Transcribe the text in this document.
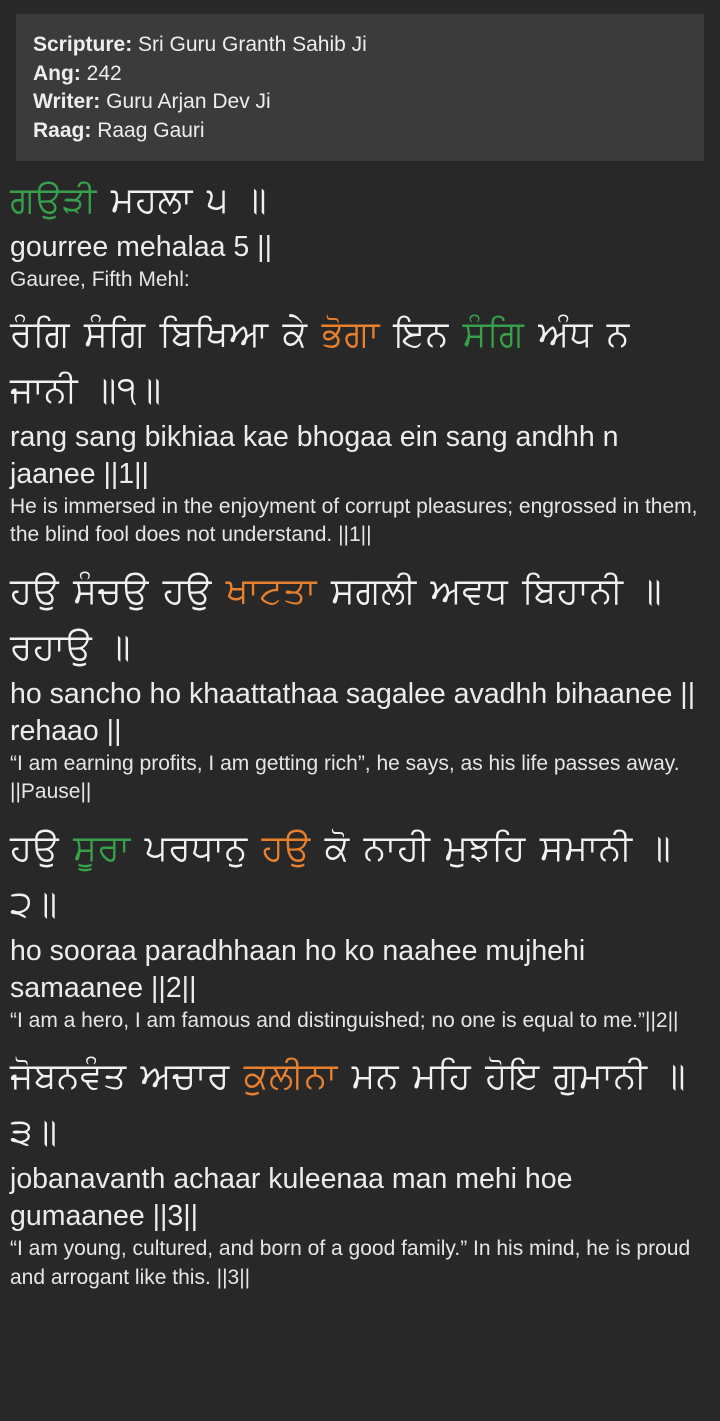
Scripture: Sri Guru Granth Sahib Ji
Ang: 242
Writer: Guru Arjan Dev Ji
Raag: Raag Gauri
ਗਉੜੀ ਮਹਲਾ ੫ ॥
gourree mehalaa 5 ||
Gauree, Fifth Mehl:
ਰੰਗਿ ਸੰਗਿ ਬਿਖਿਆ ਕੇ ਭੋਗਾ ਇਨ ਸੰਗਿ ਅੰਧ ਨ ਜਾਨੀ ॥੧॥
rang sang bikhiaa kae bhogaa ein sang andhh n jaanee ||1||
He is immersed in the enjoyment of corrupt pleasures; engrossed in them, the blind fool does not understand. ||1||
ਹਉ ਸੰਚਉ ਹਉ ਖਾਟਤਾ ਸਗਲੀ ਅਵਧ ਬਿਹਾਨੀ ॥ ਰਹਾਉ ॥
ho sancho ho khaattathaa sagalee avadhh bihaanee || rehaao ||
“I am earning profits, I am getting rich”, he says, as his life passes away. ||Pause||
ਹਉ ਸੂਰਾ ਪਰਧਾਨੁ ਹਉ ਕੋ ਨਾਹੀ ਮੁਝਹਿ ਸਮਾਨੀ ॥੨॥
ho sooraa paradhhaan ho ko naahee mujhehi samaanee ||2||
“I am a hero, I am famous and distinguished; no one is equal to me.”||2||
ਜੋਬਨਵੰਤ ਅਚਾਰ ਕੁਲੀਨਾ ਮਨ ਮਹਿ ਹੋਇ ਗੁਮਾਨੀ ॥੩॥
jobanavanth achaar kuleenaa man mehi hoe gumaanee ||3||
“I am young, cultured, and born of a good family.” In his mind, he is proud and arrogant like this. ||3||
